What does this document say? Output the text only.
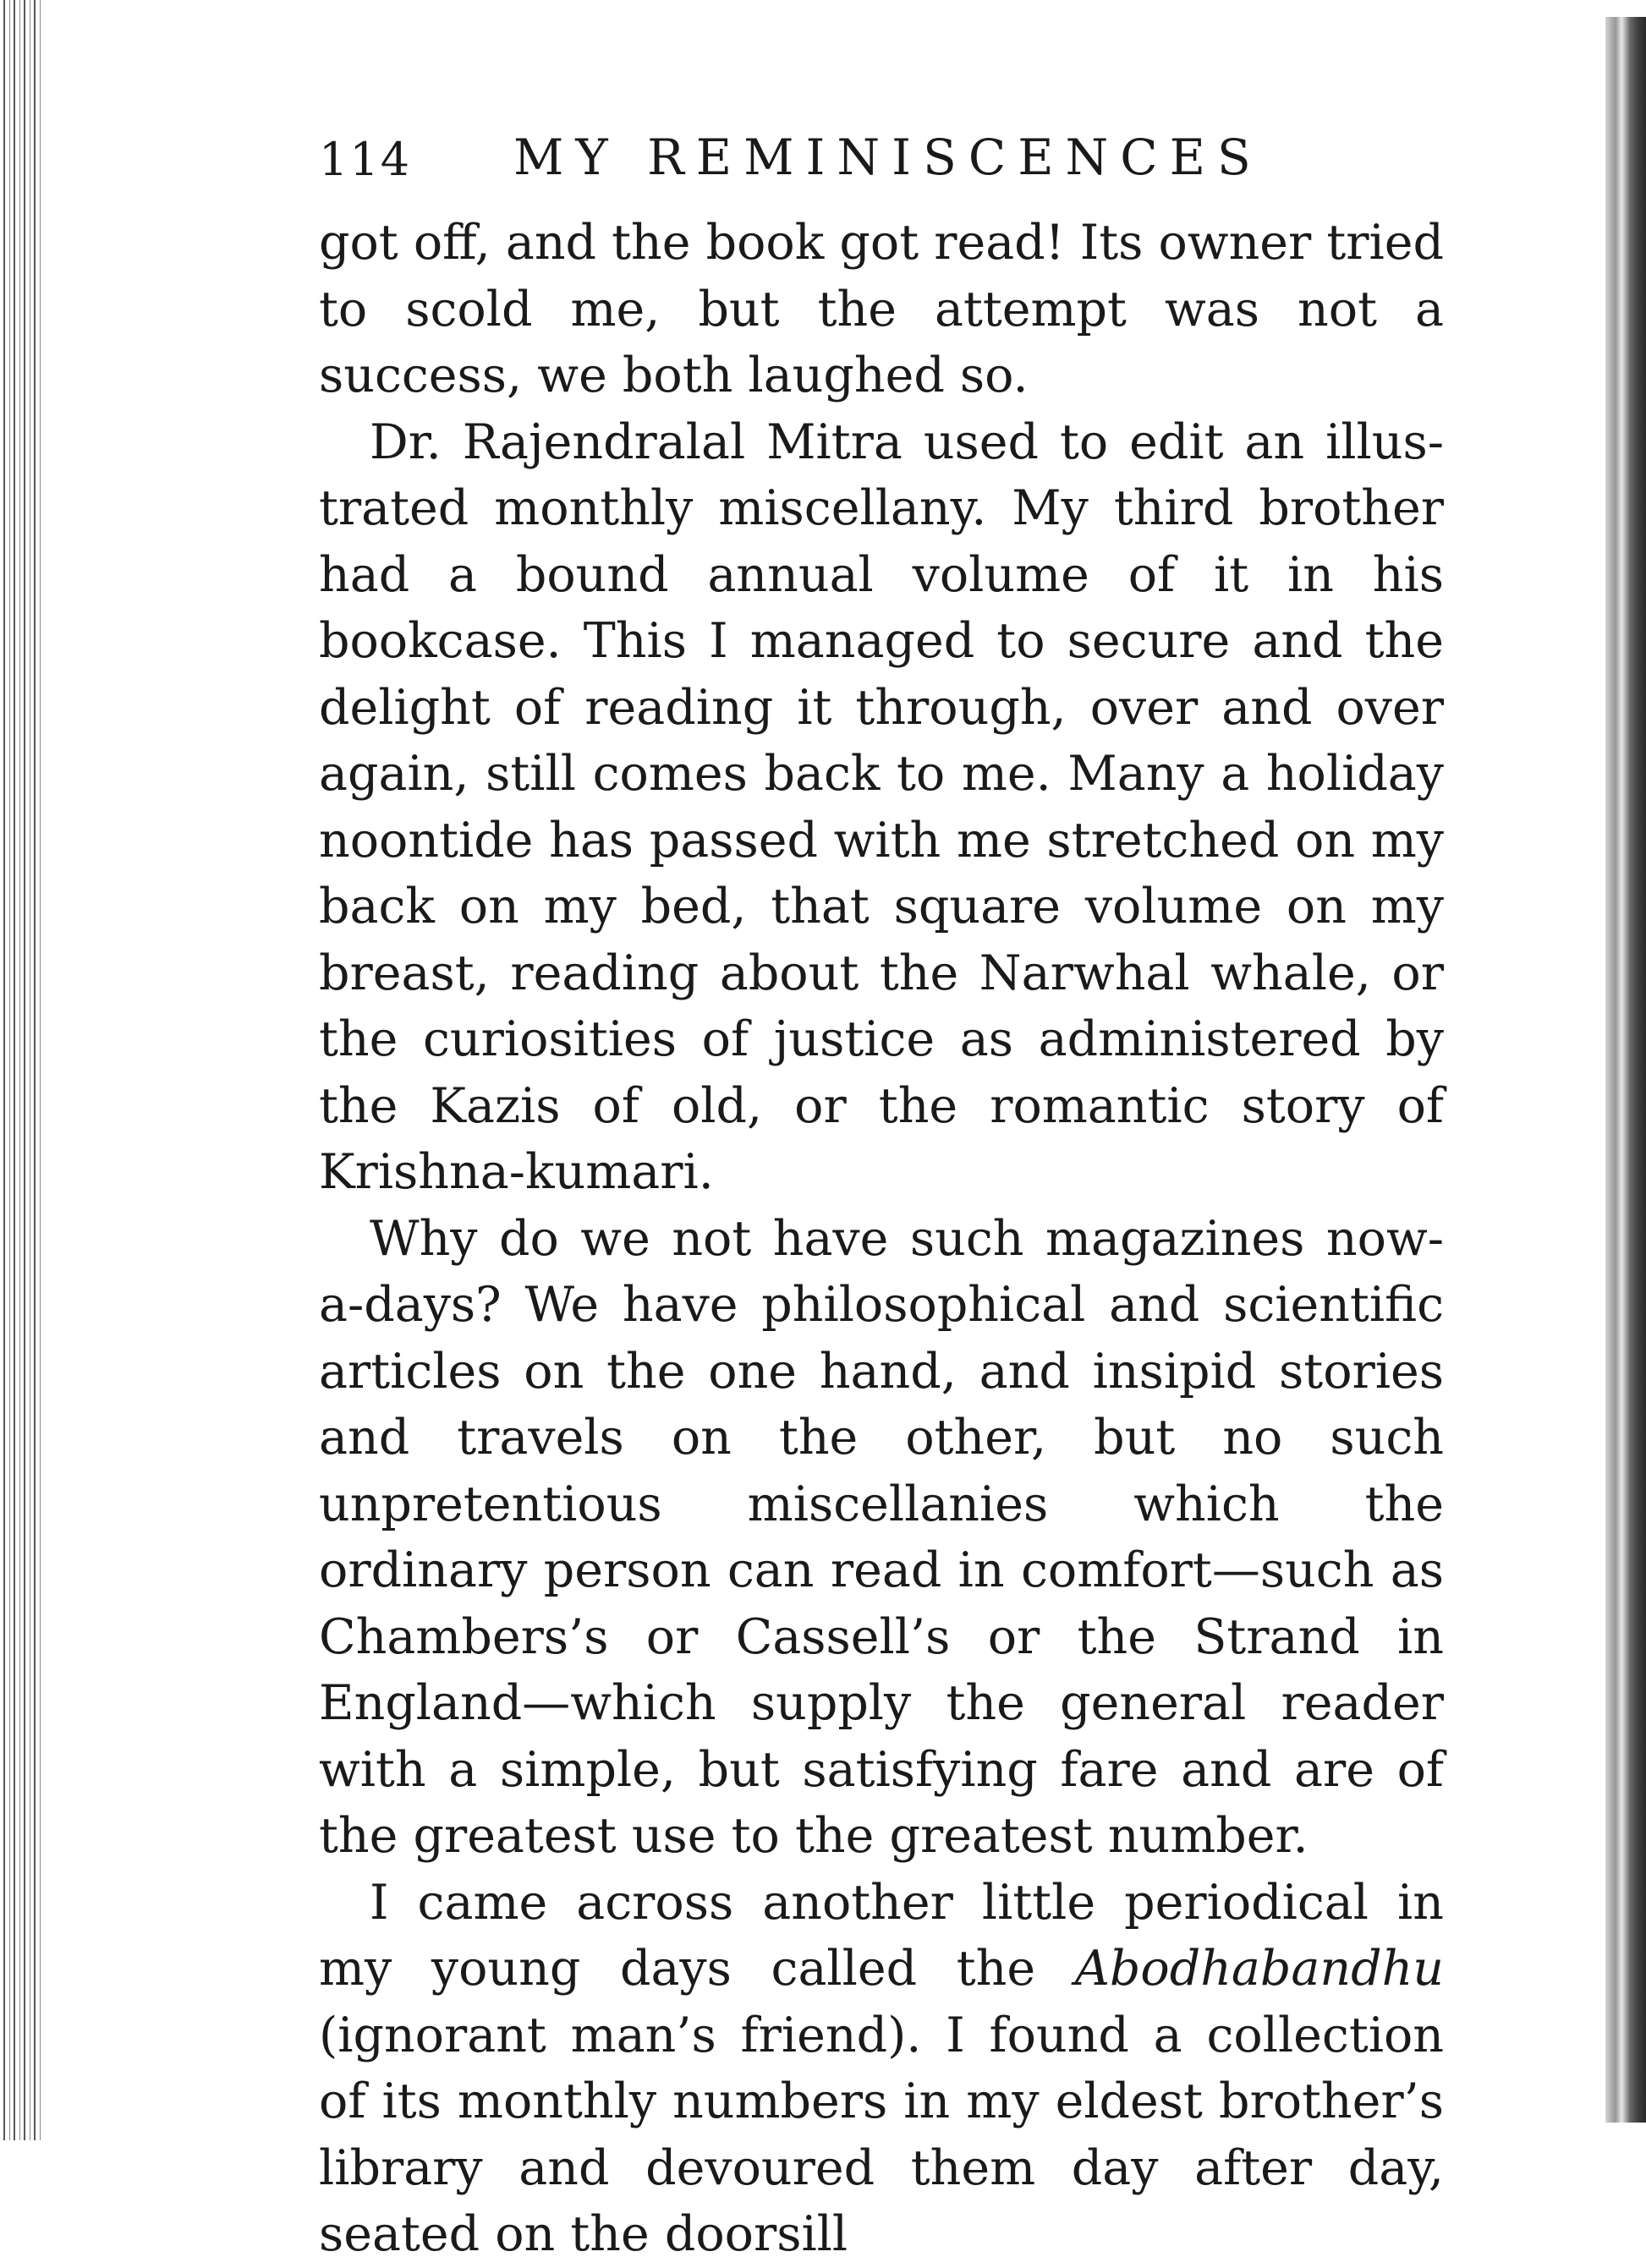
114	MY REMINISCENCES

got off, and the book got read! Its owner tried to scold me, but the attempt was not a success, we both laughed so.

Dr. Rajendralal Mitra used to edit an illustrated monthly miscellany. My third brother had a bound annual volume of it in his bookcase. This I managed to secure and the delight of reading it through, over and over again, still comes back to me. Many a holiday noontide has passed with me stretched on my back on my bed, that square volume on my breast, reading about the Narwhal whale, or the curiosities of justice as administered by the Kazis of old, or the romantic story of Krishna-kumari.

Why do we not have such magazines now-a-days? We have philosophical and scientific articles on the one hand, and insipid stories and travels on the other, but no such unpretentious miscellanies which the ordinary person can read in comfort—such as Chambers’s or Cassell’s or the Strand in England—which supply the general reader with a simple, but satisfying fare and are of the greatest use to the greatest number.

I came across another little periodical in my young days called the Abodhabandhu (ignorant man’s friend). I found a collection of its monthly numbers in my eldest brother’s library and devoured them day after day, seated on the doorsill
